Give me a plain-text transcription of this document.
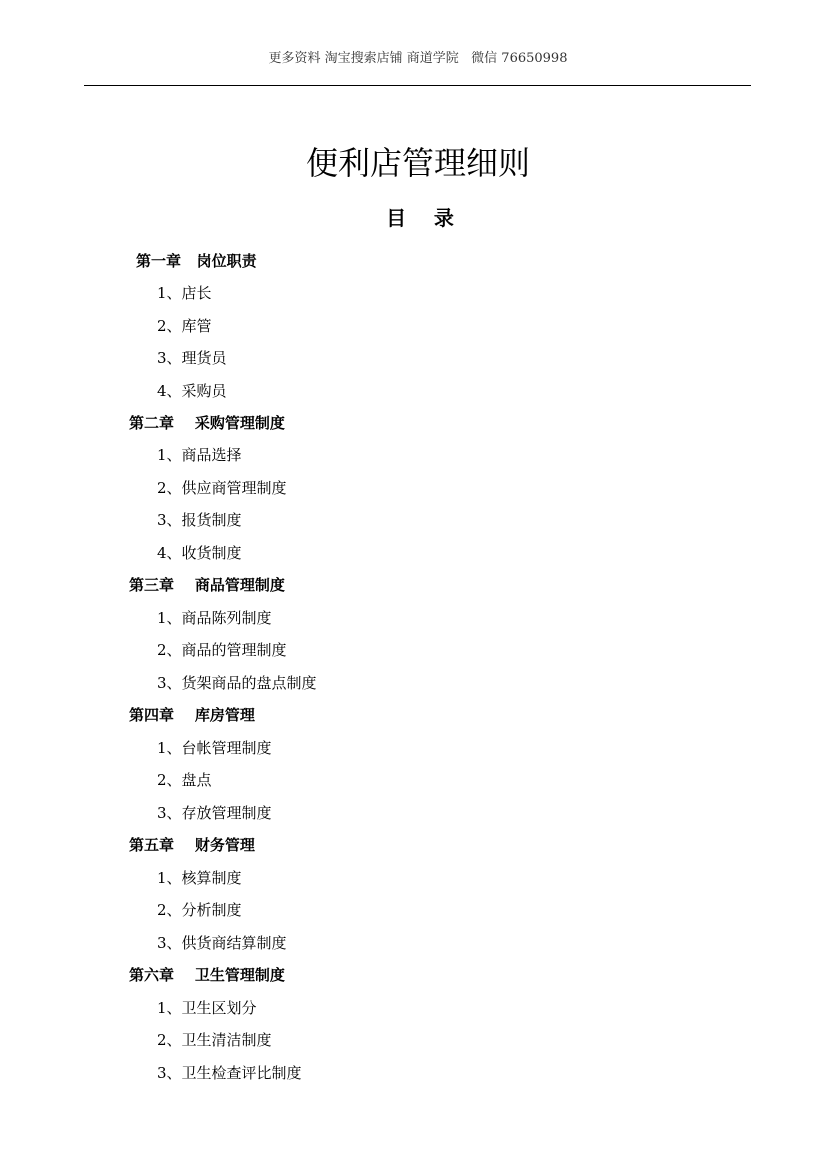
更多资料 淘宝搜索店铺 商道学院   微信 76650998
便利店管理细则
目    录
第一章   岗位职责
1、店长
2、库管
3、理货员
4、采购员
第二章    采购管理制度
1、商品选择
2、供应商管理制度
3、报货制度
4、收货制度
第三章    商品管理制度
1、商品陈列制度
2、商品的管理制度
3、货架商品的盘点制度
第四章    库房管理
1、台帐管理制度
2、盘点
3、存放管理制度
第五章    财务管理
1、核算制度
2、分析制度
3、供货商结算制度
第六章    卫生管理制度
1、卫生区划分
2、卫生清洁制度
3、卫生检查评比制度
